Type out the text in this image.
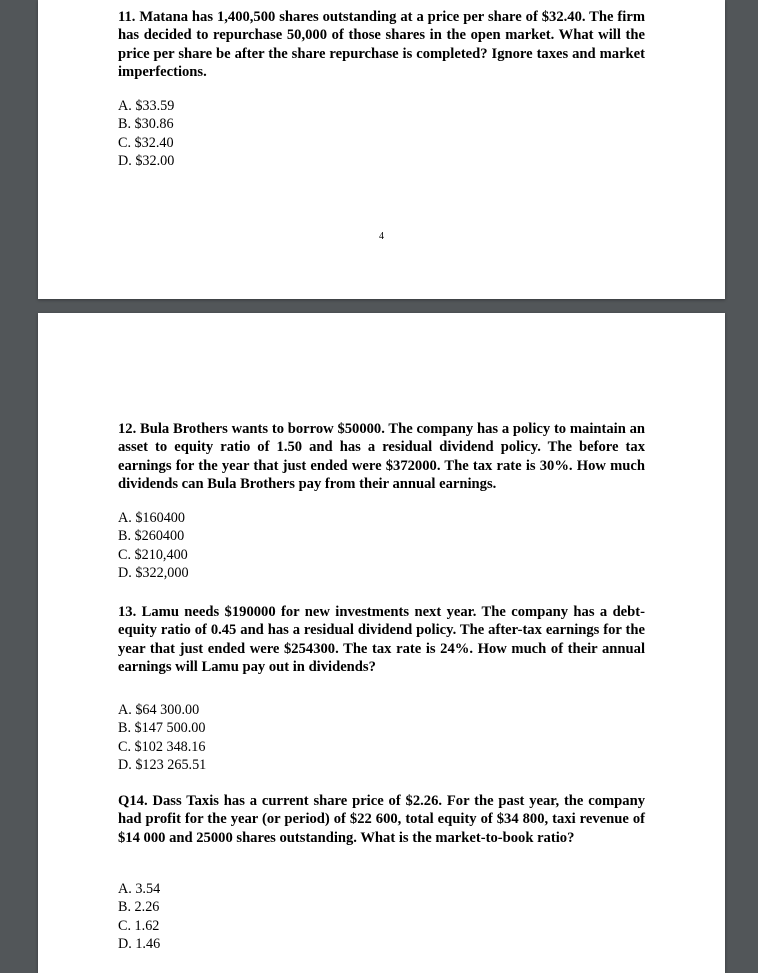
11. Matana has 1,400,500 shares outstanding at a price per share of $32.40. The firm has decided to repurchase 50,000 of those shares in the open market. What will the price per share be after the share repurchase is completed? Ignore taxes and market imperfections.
A. $33.59
B. $30.86
C. $32.40
D. $32.00
4
12. Bula Brothers wants to borrow $50000. The company has a policy to maintain an asset to equity ratio of 1.50 and has a residual dividend policy. The before tax earnings for the year that just ended were $372000. The tax rate is 30%. How much dividends can Bula Brothers pay from their annual earnings.
A. $160400
B. $260400
C. $210,400
D. $322,000
13. Lamu needs $190000 for new investments next year. The company has a debt-equity ratio of 0.45 and has a residual dividend policy. The after-tax earnings for the year that just ended were $254300. The tax rate is 24%. How much of their annual earnings will Lamu pay out in dividends?
A. $64 300.00
B. $147 500.00
C. $102 348.16
D. $123 265.51
Q14. Dass Taxis has a current share price of $2.26. For the past year, the company had profit for the year (or period) of $22 600, total equity of $34 800, taxi revenue of $14 000 and 25000 shares outstanding. What is the market-to-book ratio?
A. 3.54
B. 2.26
C. 1.62
D. 1.46
